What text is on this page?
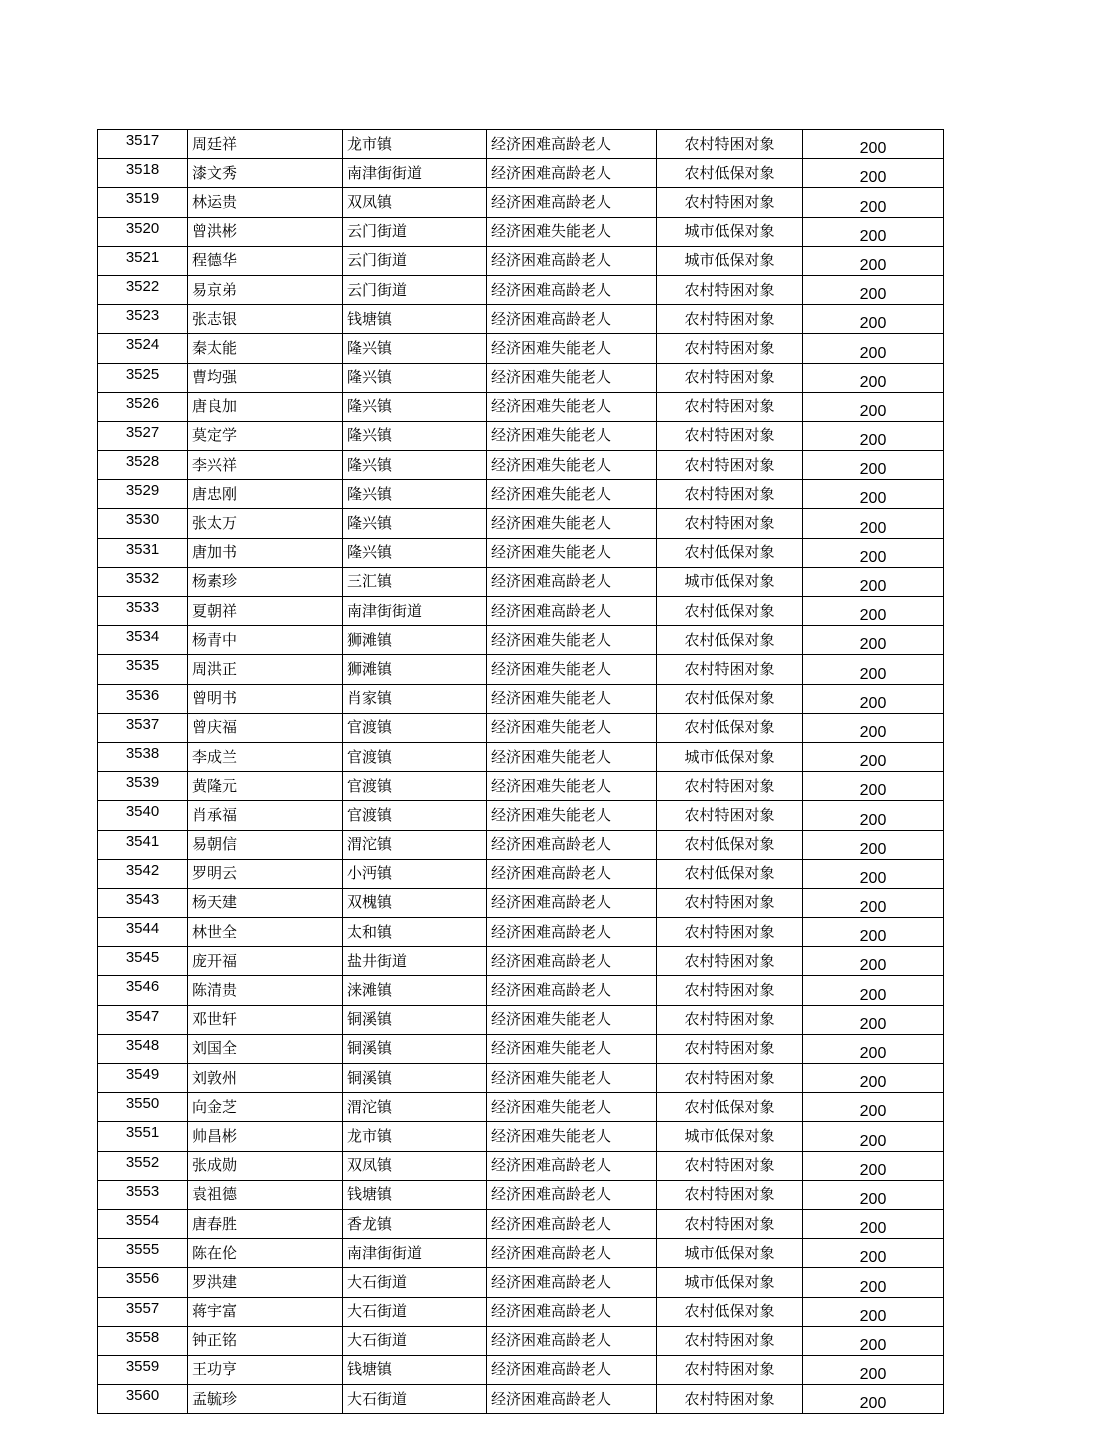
3517	周廷祥	龙市镇	经济困难高龄老人	农村特困对象	200
3518	漆文秀	南津街街道	经济困难高龄老人	农村低保对象	200
3519	林运贵	双凤镇	经济困难高龄老人	农村特困对象	200
3520	曾洪彬	云门街道	经济困难失能老人	城市低保对象	200
3521	程德华	云门街道	经济困难高龄老人	城市低保对象	200
3522	易京弟	云门街道	经济困难高龄老人	农村特困对象	200
3523	张志银	钱塘镇	经济困难高龄老人	农村特困对象	200
3524	秦太能	隆兴镇	经济困难失能老人	农村特困对象	200
3525	曹均强	隆兴镇	经济困难失能老人	农村特困对象	200
3526	唐良加	隆兴镇	经济困难失能老人	农村特困对象	200
3527	莫定学	隆兴镇	经济困难失能老人	农村特困对象	200
3528	李兴祥	隆兴镇	经济困难失能老人	农村特困对象	200
3529	唐忠刚	隆兴镇	经济困难失能老人	农村特困对象	200
3530	张太万	隆兴镇	经济困难失能老人	农村特困对象	200
3531	唐加书	隆兴镇	经济困难失能老人	农村低保对象	200
3532	杨素珍	三汇镇	经济困难高龄老人	城市低保对象	200
3533	夏朝祥	南津街街道	经济困难高龄老人	农村低保对象	200
3534	杨青中	狮滩镇	经济困难失能老人	农村低保对象	200
3535	周洪正	狮滩镇	经济困难失能老人	农村特困对象	200
3536	曾明书	肖家镇	经济困难失能老人	农村低保对象	200
3537	曾庆福	官渡镇	经济困难失能老人	农村低保对象	200
3538	李成兰	官渡镇	经济困难失能老人	城市低保对象	200
3539	黄隆元	官渡镇	经济困难失能老人	农村特困对象	200
3540	肖承福	官渡镇	经济困难失能老人	农村特困对象	200
3541	易朝信	渭沱镇	经济困难高龄老人	农村低保对象	200
3542	罗明云	小沔镇	经济困难高龄老人	农村低保对象	200
3543	杨天建	双槐镇	经济困难高龄老人	农村特困对象	200
3544	林世全	太和镇	经济困难高龄老人	农村特困对象	200
3545	庞开福	盐井街道	经济困难高龄老人	农村特困对象	200
3546	陈清贵	涞滩镇	经济困难高龄老人	农村特困对象	200
3547	邓世轩	铜溪镇	经济困难失能老人	农村特困对象	200
3548	刘国全	铜溪镇	经济困难失能老人	农村特困对象	200
3549	刘敦州	铜溪镇	经济困难失能老人	农村特困对象	200
3550	向金芝	渭沱镇	经济困难失能老人	农村低保对象	200
3551	帅昌彬	龙市镇	经济困难失能老人	城市低保对象	200
3552	张成勋	双凤镇	经济困难高龄老人	农村特困对象	200
3553	袁祖德	钱塘镇	经济困难高龄老人	农村特困对象	200
3554	唐春胜	香龙镇	经济困难高龄老人	农村特困对象	200
3555	陈在伦	南津街街道	经济困难高龄老人	城市低保对象	200
3556	罗洪建	大石街道	经济困难高龄老人	城市低保对象	200
3557	蒋宇富	大石街道	经济困难高龄老人	农村低保对象	200
3558	钟正铭	大石街道	经济困难高龄老人	农村特困对象	200
3559	王功亨	钱塘镇	经济困难高龄老人	农村特困对象	200
3560	孟毓珍	大石街道	经济困难高龄老人	农村特困对象	200
